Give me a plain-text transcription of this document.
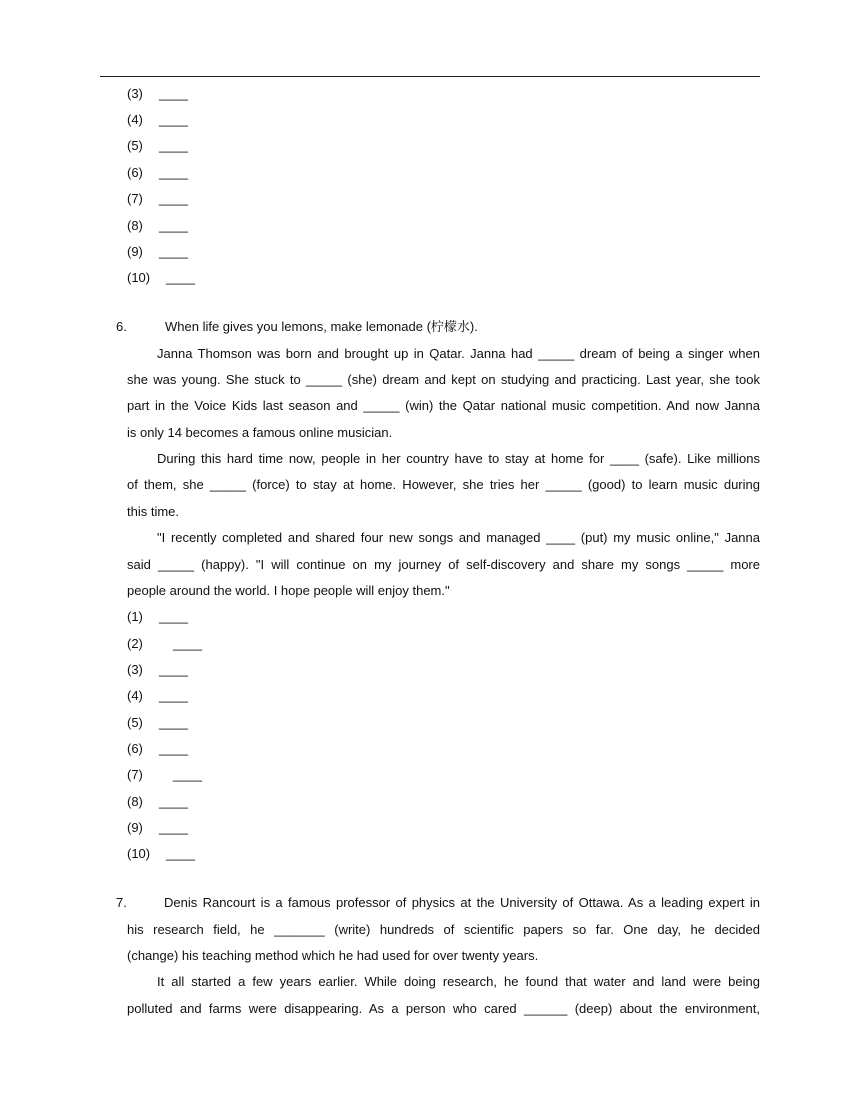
(3) ____
(4) ____
(5) ____
(6) ____
(7) ____
(8) ____
(9) ____
(10) ____
6.	When life gives you lemons, make lemonade (柠檬水).
Janna Thomson was born and brought up in Qatar. Janna had _____ dream of being a singer when
she was young. She stuck to _____ (she) dream and kept on studying and practicing. Last year, she took
part in the Voice Kids last season and _____ (win) the Qatar national music competition. And now Janna
is only 14 becomes a famous online musician.
During this hard time now, people in her country have to stay at home for ____ (safe). Like millions
of them, she _____ (force) to stay at home. However, she tries her _____ (good) to learn music during
this time.
"I recently completed and shared four new songs and managed ____ (put) my music online," Janna
said _____ (happy). "I will continue on my journey of self-discovery and share my songs _____ more
people around the world. I hope people will enjoy them."
(1) ____
(2) ____
(3) ____
(4) ____
(5) ____
(6) ____
(7) ____
(8) ____
(9) ____
(10) ____
7.	Denis Rancourt is a famous professor of physics at the University of Ottawa. As a leading expert in
his research field, he _______ (write) hundreds of scientific papers so far. One day, he decided
(change) his teaching method which he had used for over twenty years.
It all started a few years earlier. While doing research, he found that water and land were being
polluted and farms were disappearing. As a person who cared ______ (deep) about the environment,
